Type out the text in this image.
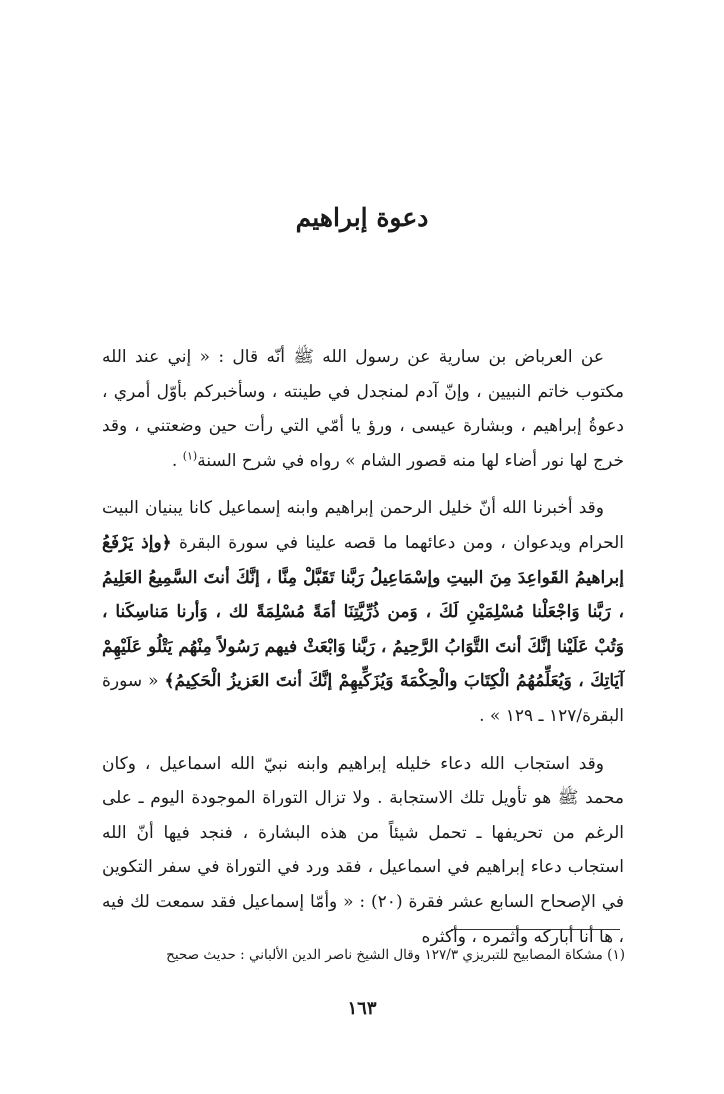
دعوة إبراهيم

عن العرباض بن سارية عن رسول الله ﷺ أنّه قال : « إني عند الله مكتوب خاتم النبيين ، وإنّ آدم لمنجدل في طينته ، وسأخبركم بأوّل أمري ، دعوةُ إبراهيم ، وبشارة عيسى ، ورؤ يا أمّي التي رأت حين وضعتني ، وقد خرج لها نور أضاء لها منه قصور الشام » رواه في شرح السنة$^{(١)}$ .

وقد أخبرنا الله أنّ خليل الرحمن إبراهيم وابنه إسماعيل كانا يبنيان البيت الحرام ويدعوان ، ومن دعائهما ما قصه علينا في سورة البقرة ﴿وإذ يَرْفَعُ إبراهيمُ القَواعِدَ مِنَ البيتِ وإسْمَاعِيلُ رَبَّنا تَقَبَّلْ مِنَّا ، إنَّكَ أنتَ السَّمِيعُ العَلِيمُ ، رَبَّنا وَاجْعَلْنا مُسْلِمَيْنِ لَكَ ، وَمن ذُرِّيَّتِنَا أمَةً مُسْلِمَةً لك ، وَأرنا مَناسِكَنا ، وَتُبْ عَلَيْنا إنَّكَ أنتَ التَّوَابُ الرَّحِيمُ ، رَبَّنا وَابْعَثْ فيهم رَسُولاً مِنْهُم يَتْلُو عَلَيْهِمْ آيَاتِكَ ، وَيُعَلِّمُهُمُ الْكِتَابَ والْحِكْمَةَ وَيُزَكِّيهِمْ إنَّكَ أنتَ العَزيزُ الْحَكِيمُ﴾ « سورة البقرة/١٢٧ ـ ١٢٩ » .

وقد استجاب الله دعاء خليله إبراهيم وابنه نبيّ الله اسماعيل ، وكان محمد ﷺ هو تأويل تلك الاستجابة . ولا تزال التوراة الموجودة اليوم ـ على الرغم من تحريفها ـ تحمل شيئاً من هذه البشارة ، فنجد فيها أنّ الله استجاب دعاء إبراهيم في اسماعيل ، فقد ورد في التوراة في سفر التكوين في الإصحاح السابع عشر فقرة (٢٠) : « وأمّا إسماعيل فقد سمعت لك فيه ، ها أنا أباركه وأثمره ، وأكثره

(١) مشكاة المصابيح للتبريزي ١٢٧/٣ وقال الشيخ ناصر الدين الألباني : حديث صحيح

١٦٣
